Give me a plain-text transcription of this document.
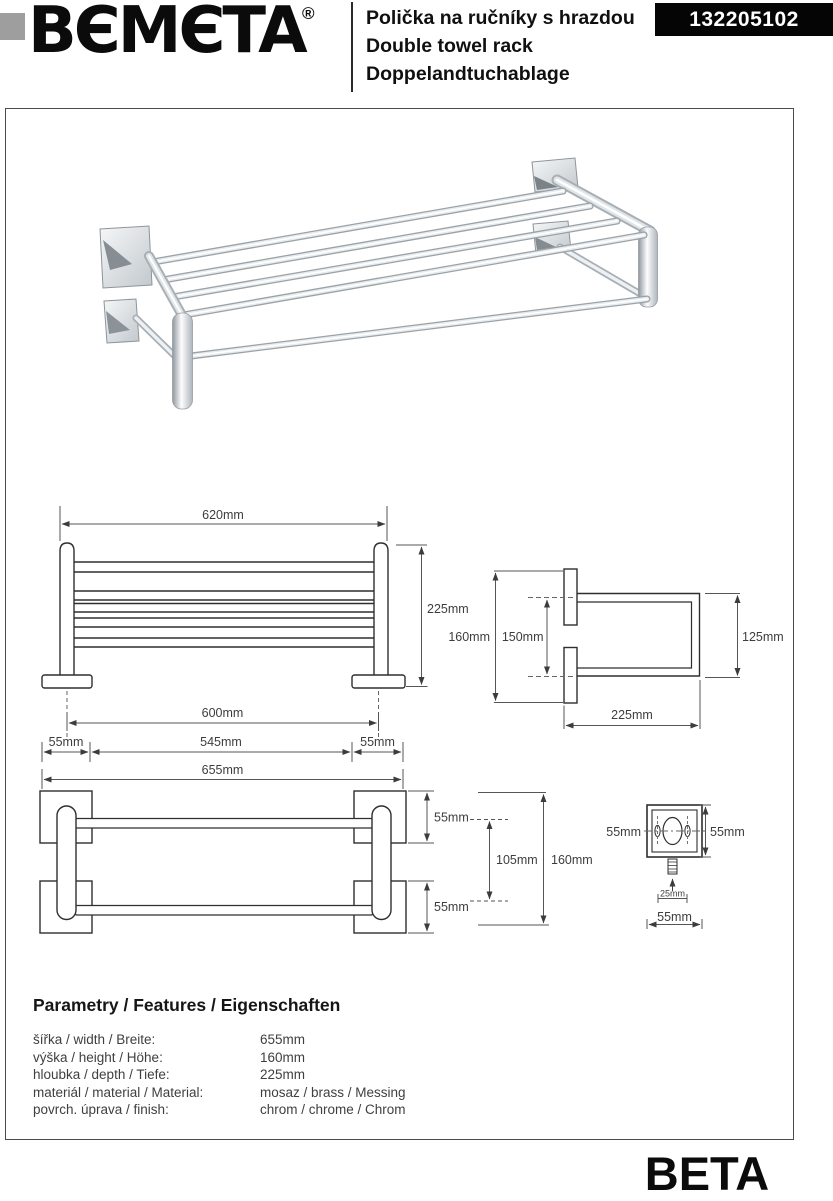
BЄMЄTA
®	Polička na ručníky s hrazdou
Double towel rack
Doppelandtuchablage
132205102
620mm
225mm
600mm
55mm	545mm	55mm
655mm
160mm 150mm	125mm
225mm
55mm
105mm
55mm
160mm
55mm	55mm
25mm
55mm
Parametry / Features / Eigenschaften
šířka / width / Breite:	655mm
výška / height / Höhe:	160mm
hloubka / depth / Tiefe:	225mm
materiál / material / Material:	mosaz / brass / Messing
povrch. úprava / finish:	chrom / chrome / Chrom
BETA
